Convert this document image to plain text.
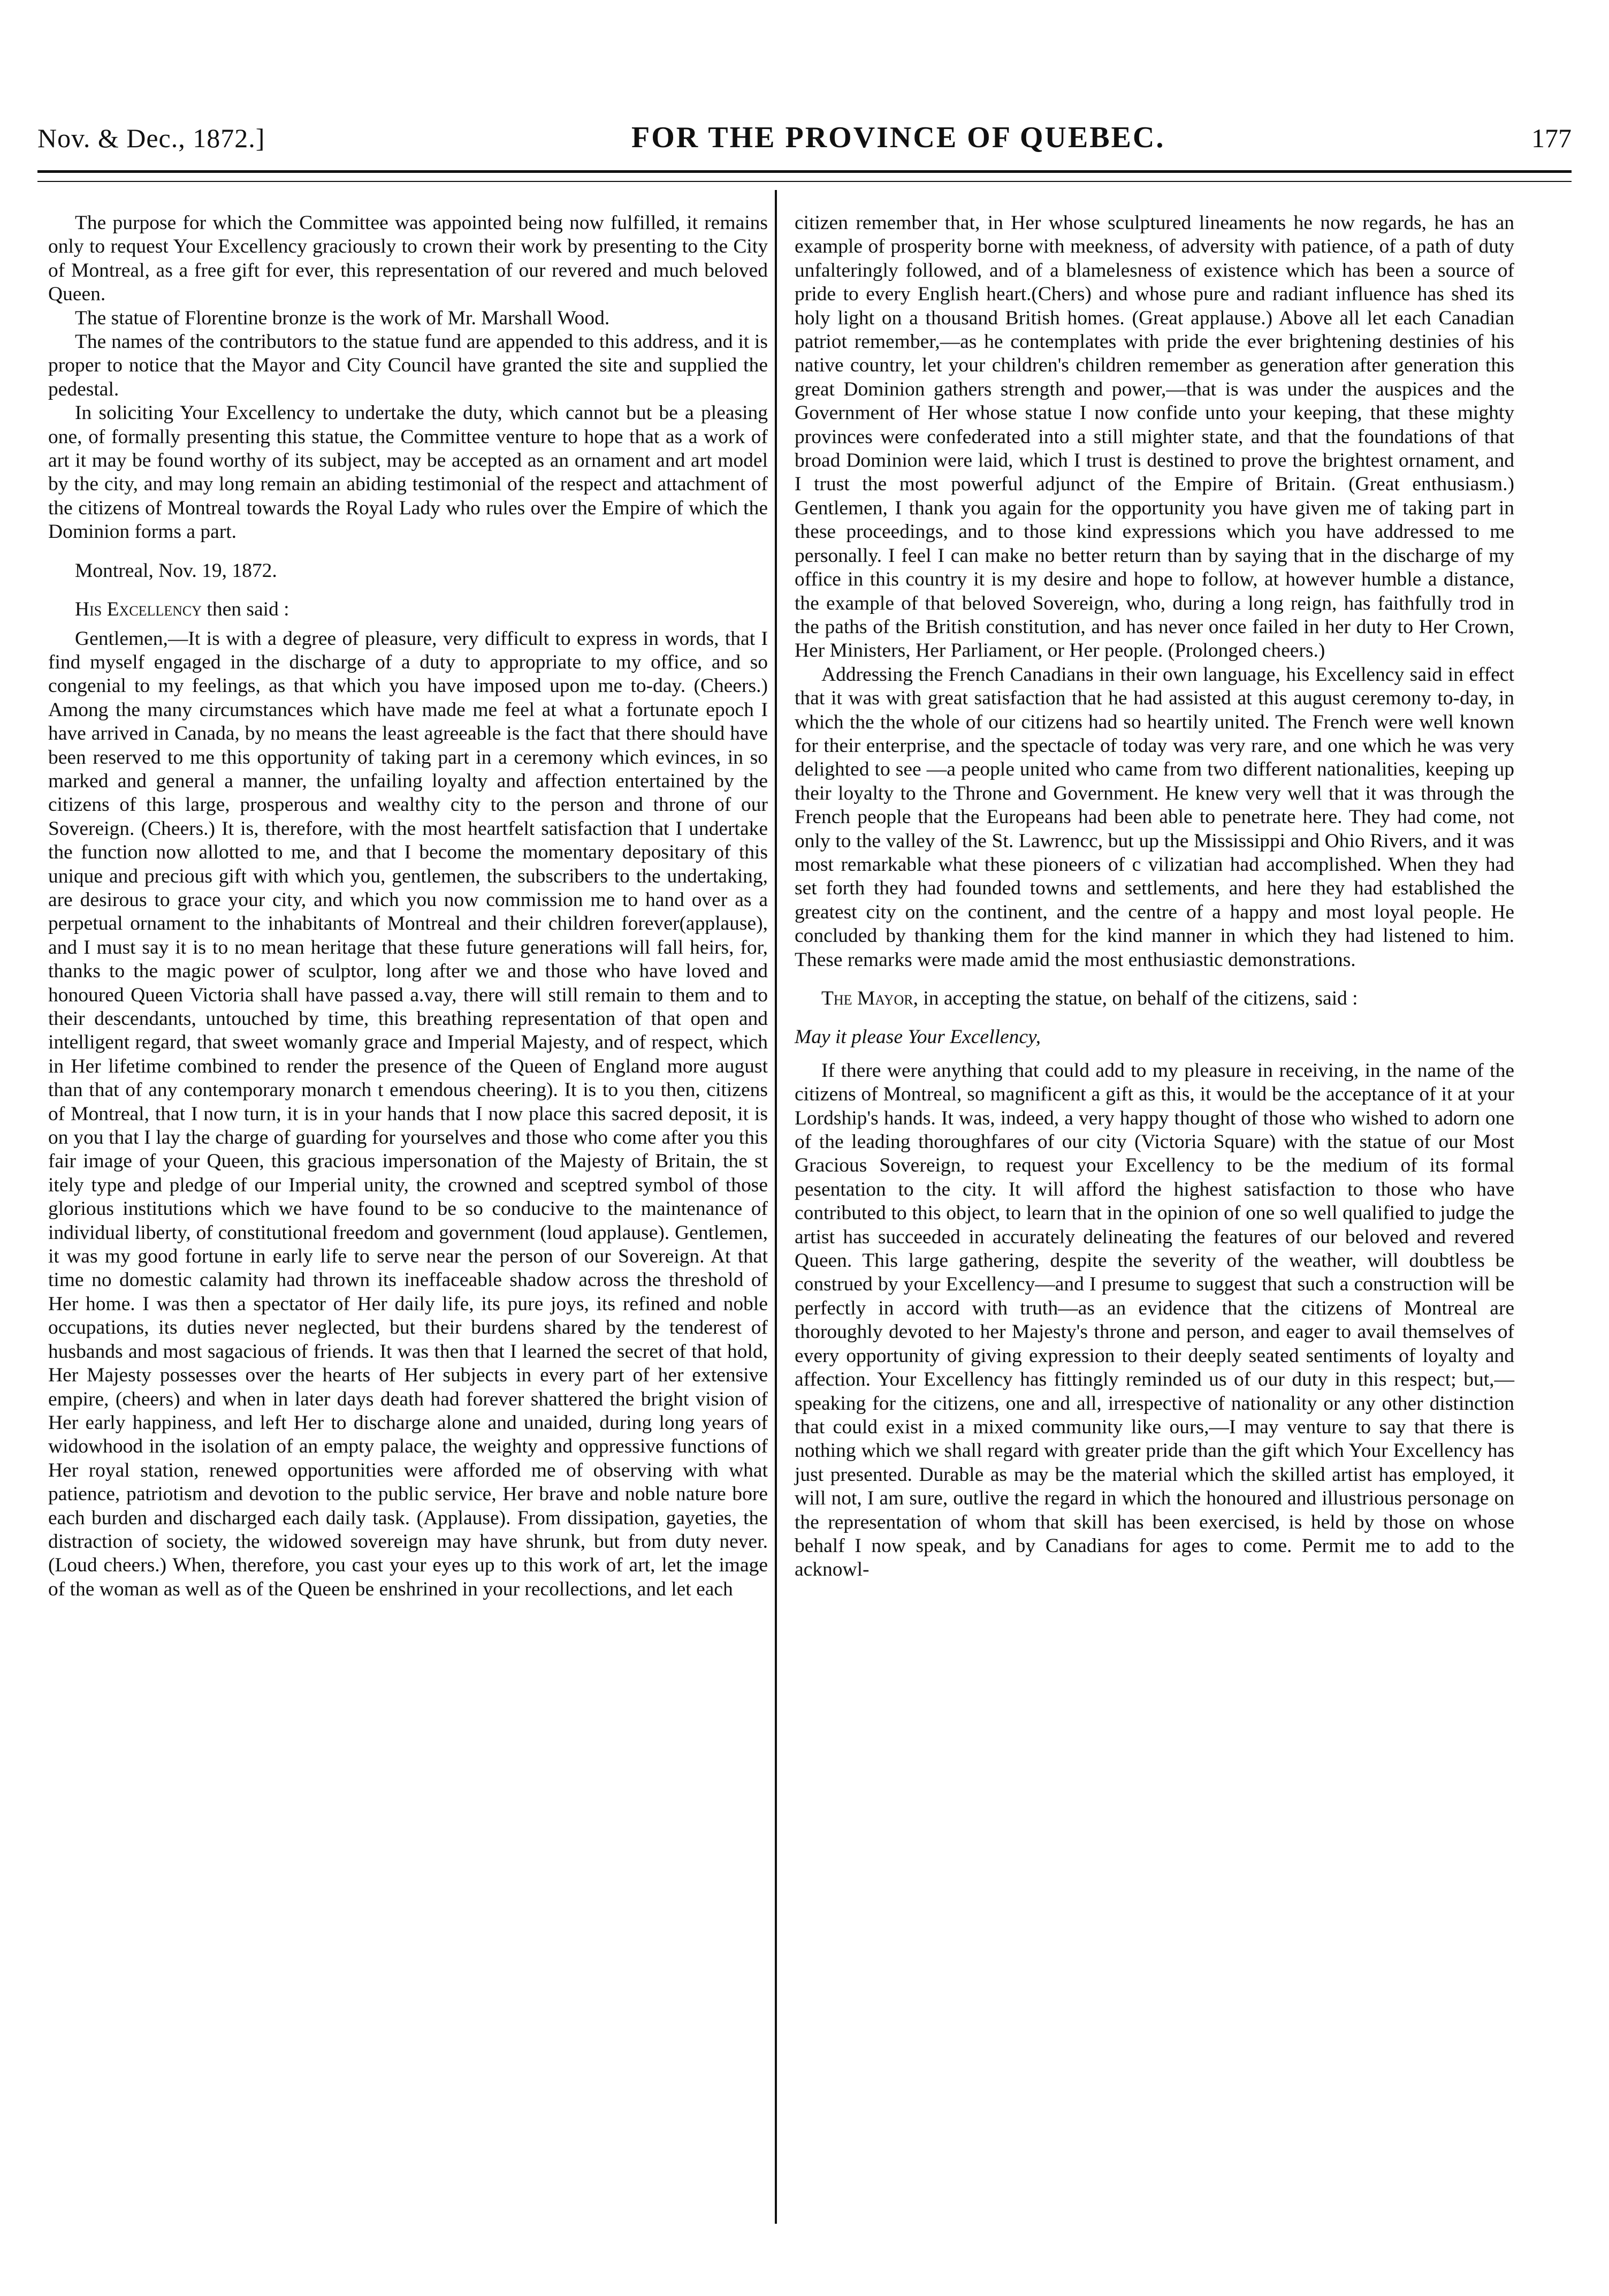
Nov. & Dec., 1872.]	FOR THE PROVINCE OF QUEBEC.	177

The purpose for which the Committee was appointed being now fulfilled, it remains only to request Your Excellency graciously to crown their work by presenting to the City of Montreal, as a free gift for ever, this representation of our revered and much beloved Queen.

The statue of Florentine bronze is the work of Mr. Marshall Wood.

The names of the contributors to the statue fund are appended to this address, and it is proper to notice that the Mayor and City Council have granted the site and supplied the pedestal.

In soliciting Your Excellency to undertake the duty, which cannot but be a pleasing one, of formally presenting this statue, the Committee venture to hope that as a work of art it may be found worthy of its subject, may be accepted as an ornament and art model by the city, and may long remain an abiding testimonial of the respect and attachment of the citizens of Montreal towards the Royal Lady who rules over the Empire of which the Dominion forms a part.

Montreal, Nov. 19, 1872.

His Excellency then said :

Gentlemen,—It is with a degree of pleasure, very difficult to express in words, that I find myself engaged in the discharge of a duty to appropriate to my office, and so congenial to my feelings, as that which you have imposed upon me to-day. (Cheers.) Among the many circumstances which have made me feel at what a fortunate epoch I have arrived in Canada, by no means the least agreeable is the fact that there should have been reserved to me this opportunity of taking part in a ceremony which evinces, in so marked and general a manner, the unfailing loyalty and affection entertained by the citizens of this large, prosperous and wealthy city to the person and throne of our Sovereign. (Cheers.) It is, therefore, with the most heartfelt satisfaction that I undertake the function now allotted to me, and that I become the momentary depositary of this unique and precious gift with which you, gentlemen, the subscribers to the undertaking, are desirous to grace your city, and which you now commission me to hand over as a perpetual ornament to the inhabitants of Montreal and their children forever(applause), and I must say it is to no mean heritage that these future generations will fall heirs, for, thanks to the magic power of sculptor, long after we and those who have loved and honoured Queen Victoria shall have passed a.vay, there will still remain to them and to their descendants, untouched by time, this breathing representation of that open and intelligent regard, that sweet womanly grace and Imperial Majesty, and of respect, which in Her lifetime combined to render the presence of the Queen of England more august than that of any contemporary monarch t emendous cheering). It is to you then, citizens of Montreal, that I now turn, it is in your hands that I now place this sacred deposit, it is on you that I lay the charge of guarding for yourselves and those who come after you this fair image of your Queen, this gracious impersonation of the Majesty of Britain, the st itely type and pledge of our Imperial unity, the crowned and sceptred symbol of those glorious institutions which we have found to be so conducive to the maintenance of individual liberty, of constitutional freedom and government (loud applause). Gentlemen, it was my good fortune in early life to serve near the person of our Sovereign. At that time no domestic calamity had thrown its ineffaceable shadow across the threshold of Her home. I was then a spectator of Her daily life, its pure joys, its refined and noble occupations, its duties never neglected, but their burdens shared by the tenderest of husbands and most sagacious of friends. It was then that I learned the secret of that hold, Her Majesty possesses over the hearts of Her subjects in every part of her extensive empire, (cheers) and when in later days death had forever shattered the bright vision of Her early happiness, and left Her to discharge alone and unaided, during long years of widowhood in the isolation of an empty palace, the weighty and oppressive functions of Her royal station, renewed opportunities were afforded me of observing with what patience, patriotism and devotion to the public service, Her brave and noble nature bore each burden and discharged each daily task. (Applause). From dissipation, gayeties, the distraction of society, the widowed sovereign may have shrunk, but from duty never. (Loud cheers.) When, therefore, you cast your eyes up to this work of art, let the image of the woman as well as of the Queen be enshrined in your recollections, and let each

citizen remember that, in Her whose sculptured lineaments he now regards, he has an example of prosperity borne with meekness, of adversity with patience, of a path of duty unfalteringly followed, and of a blamelesness of existence which has been a source of pride to every English heart.(Chers) and whose pure and radiant influence has shed its holy light on a thousand British homes. (Great applause.) Above all let each Canadian patriot remember,—as he contemplates with pride the ever brightening destinies of his native country, let your children's children remember as generation after generation this great Dominion gathers strength and power,—that is was under the auspices and the Government of Her whose statue I now confide unto your keeping, that these mighty provinces were confederated into a still mighter state, and that the foundations of that broad Dominion were laid, which I trust is destined to prove the brightest ornament, and I trust the most powerful adjunct of the Empire of Britain. (Great enthusiasm.) Gentlemen, I thank you again for the opportunity you have given me of taking part in these proceedings, and to those kind expressions which you have addressed to me personally. I feel I can make no better return than by saying that in the discharge of my office in this country it is my desire and hope to follow, at however humble a distance, the example of that beloved Sovereign, who, during a long reign, has faithfully trod in the paths of the British constitution, and has never once failed in her duty to Her Crown, Her Ministers, Her Parliament, or Her people. (Prolonged cheers.)

Addressing the French Canadians in their own language, his Excellency said in effect that it was with great satisfaction that he had assisted at this august ceremony to-day, in which the the whole of our citizens had so heartily united. The French were well known for their enterprise, and the spectacle of today was very rare, and one which he was very delighted to see —a people united who came from two different nationalities, keeping up their loyalty to the Throne and Government. He knew very well that it was through the French people that the Europeans had been able to penetrate here. They had come, not only to the valley of the St. Lawrencc, but up the Mississippi and Ohio Rivers, and it was most remarkable what these pioneers of c vilizatian had accomplished. When they had set forth they had founded towns and settlements, and here they had established the greatest city on the continent, and the centre of a happy and most loyal people. He concluded by thanking them for the kind manner in which they had listened to him. These remarks were made amid the most enthusiastic demonstrations.

The Mayor, in accepting the statue, on behalf of the citizens, said :

May it please Your Excellency,

If there were anything that could add to my pleasure in receiving, in the name of the citizens of Montreal, so magnificent a gift as this, it would be the acceptance of it at your Lordship's hands. It was, indeed, a very happy thought of those who wished to adorn one of the leading thoroughfares of our city (Victoria Square) with the statue of our Most Gracious Sovereign, to request your Excellency to be the medium of its formal pesentation to the city. It will afford the highest satisfaction to those who have contributed to this object, to learn that in the opinion of one so well qualified to judge the artist has succeeded in accurately delineating the features of our beloved and revered Queen. This large gathering, despite the severity of the weather, will doubtless be construed by your Excellency—and I presume to suggest that such a construction will be perfectly in accord with truth—as an evidence that the citizens of Montreal are thoroughly devoted to her Majesty's throne and person, and eager to avail themselves of every opportunity of giving expression to their deeply seated sentiments of loyalty and affection. Your Excellency has fittingly reminded us of our duty in this respect; but,—speaking for the citizens, one and all, irrespective of nationality or any other distinction that could exist in a mixed community like ours,—I may venture to say that there is nothing which we shall regard with greater pride than the gift which Your Excellency has just presented. Durable as may be the material which the skilled artist has employed, it will not, I am sure, outlive the regard in which the honoured and illustrious personage on the representation of whom that skill has been exercised, is held by those on whose behalf I now speak, and by Canadians for ages to come. Permit me to add to the acknowl-
